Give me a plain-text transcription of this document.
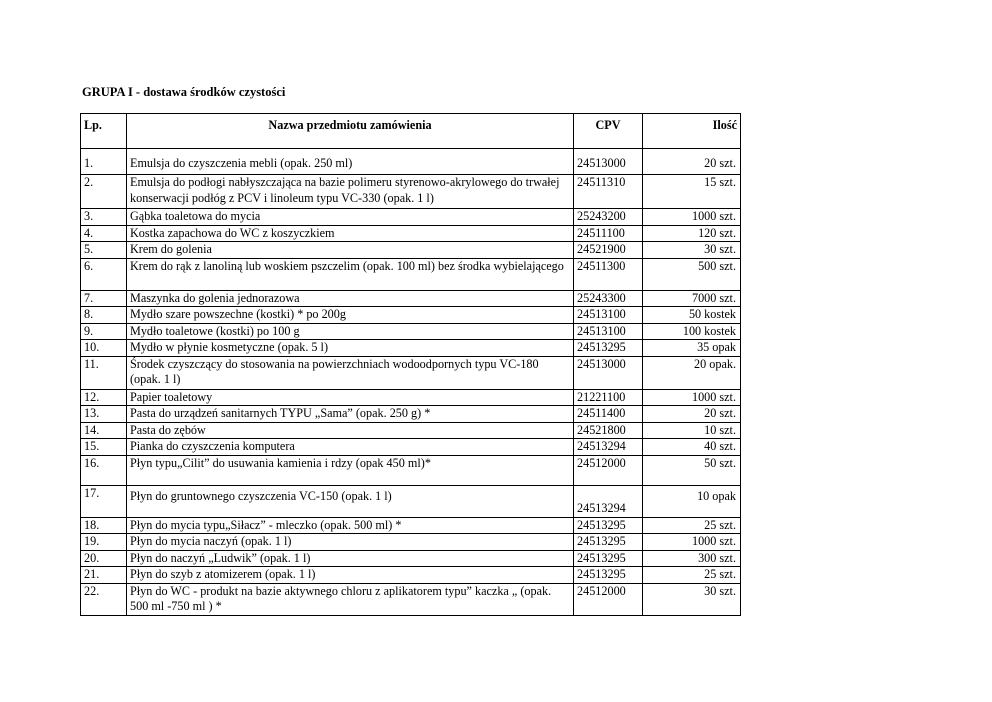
GRUPA I - dostawa środków czystości
Lp.	Nazwa przedmiotu zamówienia	CPV	Ilość
1.	Emulsja do czyszczenia mebli (opak. 250 ml)	24513000	20 szt.
2.	Emulsja do podłogi nabłyszczająca na bazie polimeru styrenowo-akrylowego do trwałej konserwacji podłóg z PCV i linoleum typu VC-330 (opak. 1 l)	24511310	15 szt.
3.	Gąbka toaletowa do mycia	25243200	1000 szt.
4.	Kostka zapachowa do WC z koszyczkiem	24511100	120 szt.
5.	Krem do golenia	24521900	30 szt.
6.	Krem do rąk z lanoliną lub woskiem pszczelim (opak. 100 ml) bez środka wybielającego	24511300	500 szt.
7.	Maszynka do golenia jednorazowa	25243300	7000 szt.
8.	Mydło szare powszechne (kostki) * po 200g	24513100	50 kostek
9.	Mydło toaletowe (kostki) po 100 g	24513100	100 kostek
10.	Mydło w płynie kosmetyczne (opak. 5 l)	24513295	35 opak
11.	Środek czyszczący do stosowania na powierzchniach wodoodpornych typu VC-180 (opak. 1 l)	24513000	20 opak.
12.	Papier toaletowy	21221100	1000 szt.
13.	Pasta do urządzeń sanitarnych TYPU „Sama” (opak. 250 g) *	24511400	20 szt.
14.	Pasta do zębów	24521800	10 szt.
15.	Pianka do czyszczenia komputera	24513294	40 szt.
16.	Płyn typu„Cilit” do usuwania kamienia i rdzy (opak 450 ml)*	24512000	50 szt.
17.	Płyn do gruntownego czyszczenia VC-150 (opak. 1 l)	24513294	10 opak
18.	Płyn do mycia typu„Siłacz” - mleczko (opak. 500 ml) *	24513295	25 szt.
19.	Płyn do mycia naczyń (opak. 1 l)	24513295	1000 szt.
20.	Płyn do naczyń „Ludwik” (opak. 1 l)	24513295	300 szt.
21.	Płyn do szyb z atomizerem (opak. 1 l)	24513295	25 szt.
22.	Płyn do WC - produkt na bazie aktywnego chloru z aplikatorem typu” kaczka „ (opak. 500 ml -750 ml ) *	24512000	30 szt.
